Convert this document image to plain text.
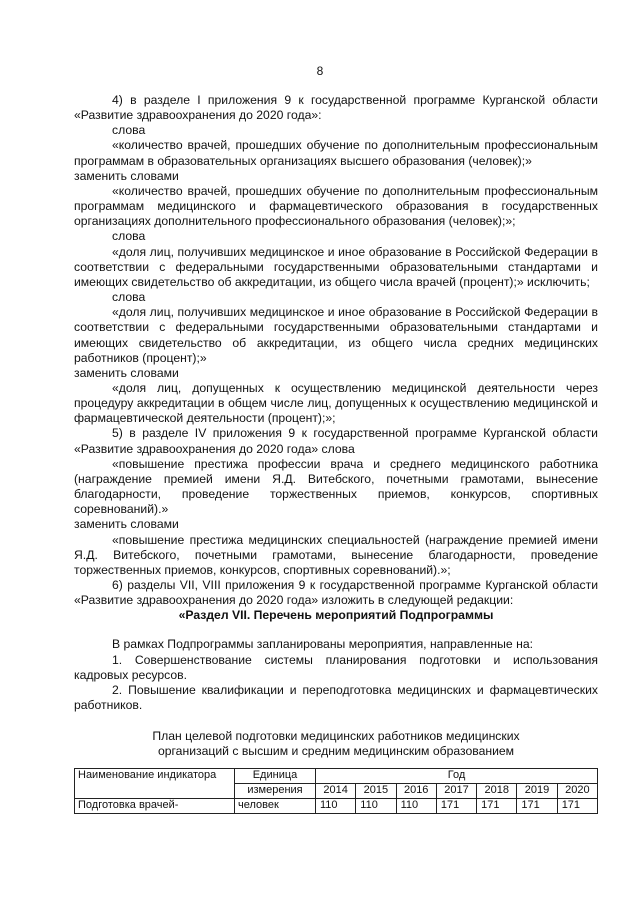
8

4) в разделе I приложения 9 к государственной программе Курганской области «Развитие здравоохранения до 2020 года»:

слова

«количество врачей, прошедших обучение по дополнительным профессиональным программам в образовательных организациях высшего образования (человек);»

заменить словами

«количество врачей, прошедших обучение по дополнительным профессиональным программам медицинского и фармацевтического образования в государственных организациях дополнительного профессионального образования (человек);»;

слова

«доля лиц, получивших медицинское и иное образование в Российской Федерации в соответствии с федеральными государственными образовательными стандартами и имеющих свидетельство об аккредитации, из общего числа врачей (процент);» исключить;

слова

«доля лиц, получивших медицинское и иное образование в Российской Федерации в соответствии с федеральными государственными образовательными стандартами и имеющих свидетельство об аккредитации, из общего числа средних медицинских работников (процент);»

заменить словами

«доля лиц, допущенных к осуществлению медицинской деятельности через процедуру аккредитации в общем числе лиц, допущенных к осуществлению медицинской и фармацевтической деятельности (процент);»;

5) в разделе IV приложения 9 к государственной программе Курганской области «Развитие здравоохранения до 2020 года» слова

«повышение престижа профессии врача и среднего медицинского работника (награждение премией имени Я.Д. Витебского, почетными грамотами, вынесение благодарности, проведение торжественных приемов, конкурсов, спортивных соревнований).»

заменить словами

«повышение престижа медицинских специальностей (награждение премией имени Я.Д. Витебского, почетными грамотами, вынесение благодарности, проведение торжественных приемов, конкурсов, спортивных соревнований).»;

6) разделы VII, VIII приложения 9 к государственной программе Курганской области «Развитие здравоохранения до 2020 года» изложить в следующей редакции:

«Раздел VII. Перечень мероприятий Подпрограммы

В рамках Подпрограммы запланированы мероприятия, направленные на:

1. Совершенствование системы планирования подготовки и использования кадровых ресурсов.

2. Повышение квалификации и переподготовка медицинских и фармацевтических работников.

План целевой подготовки медицинских работников медицинских

организаций с высшим и средним медицинским образованием

Наименование индикатора	Единица	Год						
	измерения	2014	2015	2016	2017	2018	2019	2020
Подготовка врачей-	человек	110	110	110	171	171	171	171
